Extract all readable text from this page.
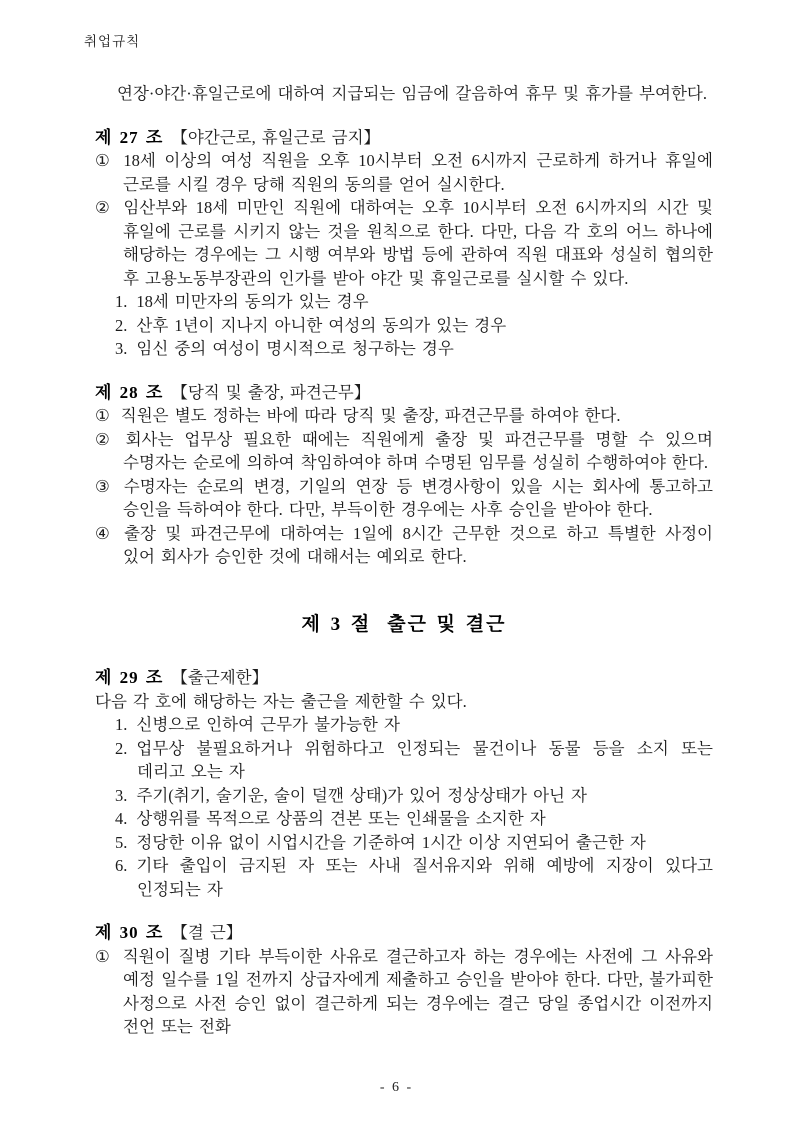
취업규칙
연장·야간·휴일근로에 대하여 지급되는 임금에 갈음하여 휴무 및 휴가를 부여한다.
제 27 조 【야간근로, 휴일근로 금지】
① 18세 이상의 여성 직원을 오후 10시부터 오전 6시까지 근로하게 하거나 휴일에 근로를 시킬 경우 당해 직원의 동의를 얻어 실시한다.
② 임산부와 18세 미만인 직원에 대하여는 오후 10시부터 오전 6시까지의 시간 및 휴일에 근로를 시키지 않는 것을 원칙으로 한다. 다만, 다음 각 호의 어느 하나에 해당하는 경우에는 그 시행 여부와 방법 등에 관하여 직원 대표와 성실히 협의한 후 고용노동부장관의 인가를 받아 야간 및 휴일근로를 실시할 수 있다.
1. 18세 미만자의 동의가 있는 경우
2. 산후 1년이 지나지 아니한 여성의 동의가 있는 경우
3. 임신 중의 여성이 명시적으로 청구하는 경우
제 28 조 【당직 및 출장, 파견근무】
① 직원은 별도 정하는 바에 따라 당직 및 출장, 파견근무를 하여야 한다.
② 회사는 업무상 필요한 때에는 직원에게 출장 및 파견근무를 명할 수 있으며 수명자는 순로에 의하여 착임하여야 하며 수명된 임무를 성실히 수행하여야 한다.
③ 수명자는 순로의 변경, 기일의 연장 등 변경사항이 있을 시는 회사에 통고하고 승인을 득하여야 한다. 다만, 부득이한 경우에는 사후 승인을 받아야 한다.
④ 출장 및 파견근무에 대하여는 1일에 8시간 근무한 것으로 하고 특별한 사정이 있어 회사가 승인한 것에 대해서는 예외로 한다.
제 3 절 출근 및 결근
제 29 조 【출근제한】
다음 각 호에 해당하는 자는 출근을 제한할 수 있다.
1. 신병으로 인하여 근무가 불가능한 자
2. 업무상 불필요하거나 위험하다고 인정되는 물건이나 동물 등을 소지 또는 데리고 오는 자
3. 주기(취기, 술기운, 술이 덜깬 상태)가 있어 정상상태가 아닌 자
4. 상행위를 목적으로 상품의 견본 또는 인쇄물을 소지한 자
5. 정당한 이유 없이 시업시간을 기준하여 1시간 이상 지연되어 출근한 자
6. 기타 출입이 금지된 자 또는 사내 질서유지와 위해 예방에 지장이 있다고 인정되는 자
제 30 조 【결 근】
① 직원이 질병 기타 부득이한 사유로 결근하고자 하는 경우에는 사전에 그 사유와 예정 일수를 1일 전까지 상급자에게 제출하고 승인을 받아야 한다. 다만, 불가피한 사정으로 사전 승인 없이 결근하게 되는 경우에는 결근 당일 종업시간 이전까지 전언 또는 전화
- 6 -
